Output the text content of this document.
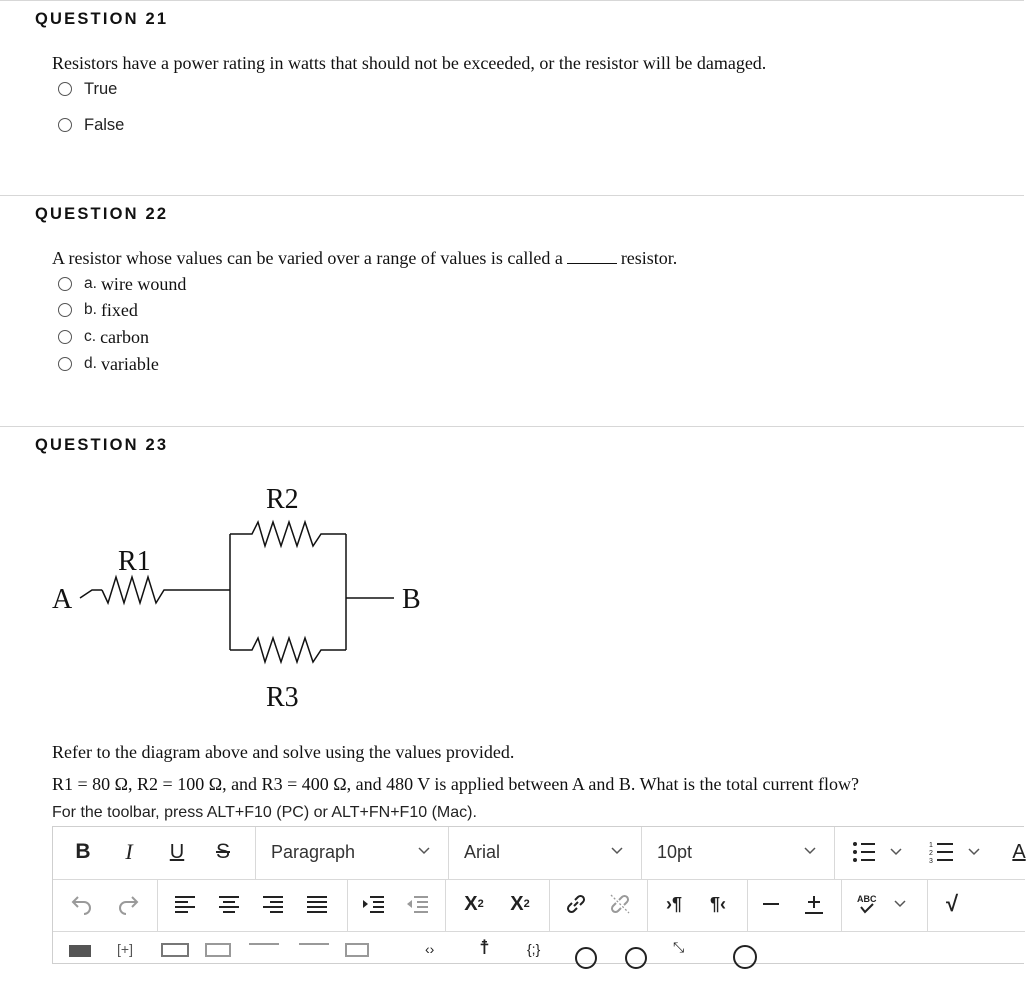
QUESTION 21
Resistors have a power rating in watts that should not be exceeded, or the resistor will be damaged.
True
False
QUESTION 22
A resistor whose values can be varied over a range of values is called a	resistor.
a. wire wound
b. fixed
c. carbon
d. variable
QUESTION 23
R2
R1
A	B
R3
Refer to the diagram above and solve using the values provided.
R1 = 80 Ω, R2 = 100 Ω, and R3 = 400 Ω, and 480 V is applied between A and B. What is the total current flow?
For the toolbar, press ALT+F10 (PC) or ALT+FN+F10 (Mac).
B	I	U	S	Paragraph	Arial	10pt	1
2
3	A
X 2	X 2	›¶	¶‹	ABC	√
[+]	‹› ☨	{;}	⤡
